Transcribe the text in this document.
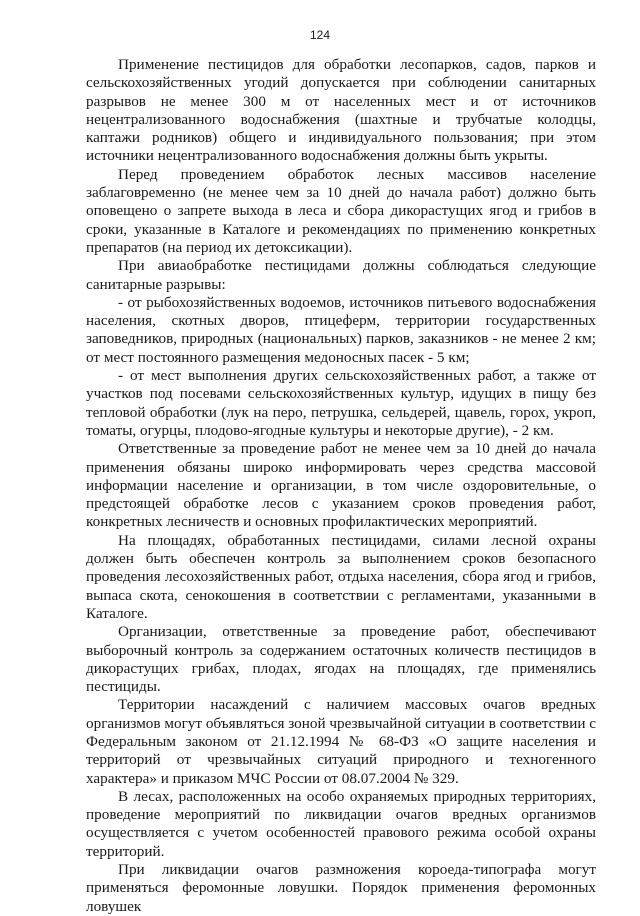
124

Применение пестицидов для обработки лесопарков, садов, парков и сельскохозяйственных угодий допускается при соблюдении санитарных разрывов не менее 300 м от населенных мест и от источников нецентрализованного водоснабжения (шахтные и трубчатые колодцы, каптажи родников) общего и индивидуального пользования; при этом источники нецентрализованного водоснабжения должны быть укрыты.

Перед проведением обработок лесных массивов население заблаговременно (не менее чем за 10 дней до начала работ) должно быть оповещено о запрете выхода в леса и сбора дикорастущих ягод и грибов в сроки, указанные в Каталоге и рекомендациях по применению конкретных препаратов (на период их детоксикации).

При авиаобработке пестицидами должны соблюдаться следующие санитарные разрывы:

- от рыбохозяйственных водоемов, источников питьевого водоснабжения населения, скотных дворов, птицеферм, территории государственных заповедников, природных (национальных) парков, заказников - не менее 2 км; от мест постоянного размещения медоносных пасек - 5 км;

- от мест выполнения других сельскохозяйственных работ, а также от участков под посевами сельскохозяйственных культур, идущих в пищу без тепловой обработки (лук на перо, петрушка, сельдерей, щавель, горох, укроп, томаты, огурцы, плодово-ягодные культуры и некоторые другие), - 2 км.

Ответственные за проведение работ не менее чем за 10 дней до начала применения обязаны широко информировать через средства массовой информации население и организации, в том числе оздоровительные, о предстоящей обработке лесов с указанием сроков проведения работ, конкретных лесничеств и основных профилактических мероприятий.

На площадях, обработанных пестицидами, силами лесной охраны должен быть обеспечен контроль за выполнением сроков безопасного проведения лесохозяйственных работ, отдыха населения, сбора ягод и грибов, выпаса скота, сенокошения в соответствии с регламентами, указанными в Каталоге.

Организации, ответственные за проведение работ, обеспечивают выборочный контроль за содержанием остаточных количеств пестицидов в дикорастущих грибах, плодах, ягодах на площадях, где применялись пестициды.

Территории насаждений с наличием массовых очагов вредных организмов могут объявляться зоной чрезвычайной ситуации в соответствии с Федеральным законом от 21.12.1994 № 68-ФЗ «О защите населения и территорий от чрезвычайных ситуаций природного и техногенного характера» и приказом МЧС России от 08.07.2004 № 329.

В лесах, расположенных на особо охраняемых природных территориях, проведение мероприятий по ликвидации очагов вредных организмов осуществляется с учетом особенностей правового режима особой охраны территорий.

При ликвидации очагов размножения короеда-типографа могут применяться феромонные ловушки. Порядок применения феромонных ловушек
